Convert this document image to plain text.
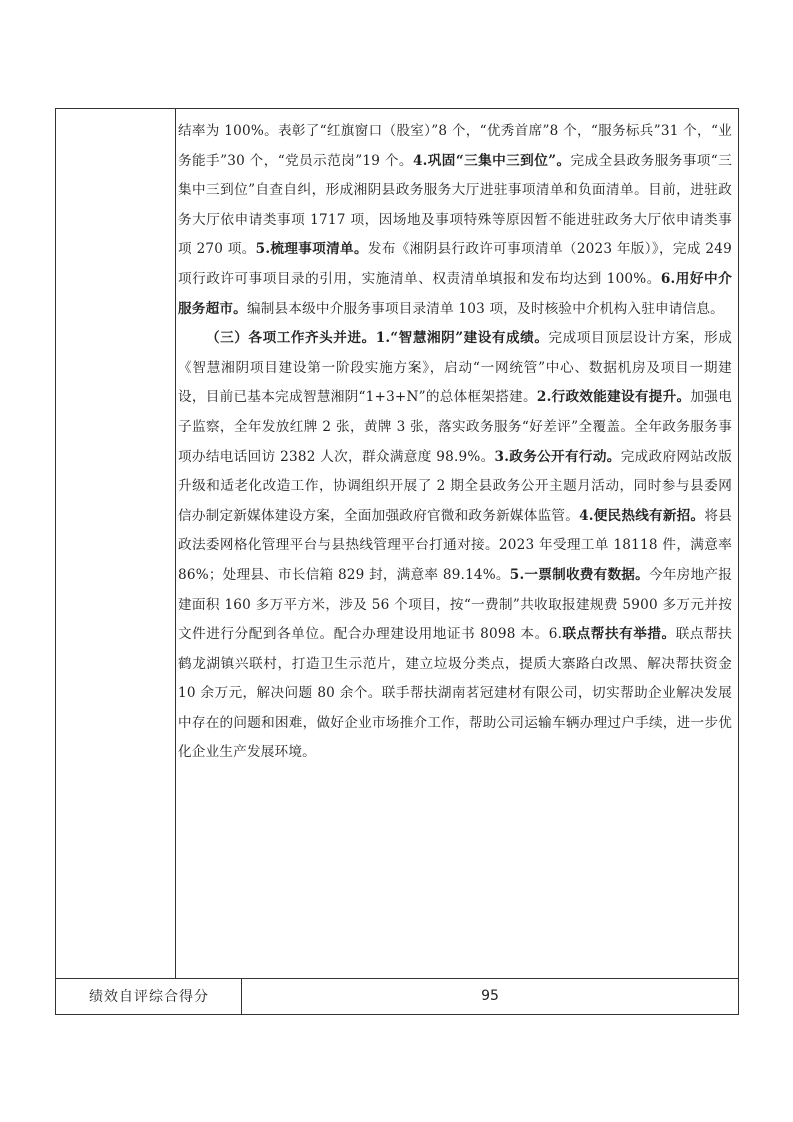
结率为 100%。表彰了“红旗窗口（股室）”8 个，“优秀首席”8 个，“服务标兵”31 个，“业务能手”30 个，“党员示范岗”19 个。4.巩固“三集中三到位”。完成全县政务服务事项“三集中三到位”自查自纠，形成湘阴县政务服务大厅进驻事项清单和负面清单。目前，进驻政务大厅依申请类事项 1717 项，因场地及事项特殊等原因暂不能进驻政务大厅依申请类事项 270 项。5.梳理事项清单。发布《湘阴县行政许可事项清单（2023 年版）》，完成 249 项行政许可事项目录的引用，实施清单、权责清单填报和发布均达到 100%。6.用好中介服务超市。编制县本级中介服务事项目录清单 103 项，及时核验中介机构入驻申请信息。

（三）各项工作齐头并进。1.“智慧湘阴”建设有成绩。完成项目顶层设计方案，形成《智慧湘阴项目建设第一阶段实施方案》，启动“一网统管”中心、数据机房及项目一期建设，目前已基本完成智慧湘阴“1+3+N”的总体框架搭建。2.行政效能建设有提升。加强电子监察，全年发放红牌 2 张，黄牌 3 张，落实政务服务“好差评”全覆盖。全年政务服务事项办结电话回访 2382 人次，群众满意度 98.9%。3.政务公开有行动。完成政府网站改版升级和适老化改造工作，协调组织开展了 2 期全县政务公开主题月活动，同时参与县委网信办制定新媒体建设方案，全面加强政府官微和政务新媒体监管。4.便民热线有新招。将县政法委网格化管理平台与县热线管理平台打通对接。2023 年受理工单 18118 件，满意率 86%；处理县、市长信箱 829 封，满意率 89.14%。5.一票制收费有数据。今年房地产报建面积 160 多万平方米，涉及 56 个项目，按“一费制”共收取报建规费 5900 多万元并按文件进行分配到各单位。配合办理建设用地证书 8098 本。6.联点帮扶有举措。联点帮扶鹤龙湖镇兴联村，打造卫生示范片，建立垃圾分类点，提质大寨路白改黑、解决帮扶资金 10 余万元，解决问题 80 余个。联手帮扶湖南茗冠建材有限公司，切实帮助企业解决发展中存在的问题和困难，做好企业市场推介工作，帮助公司运输车辆办理过户手续，进一步优化企业生产发展环境。

绩效自评综合得分	95
